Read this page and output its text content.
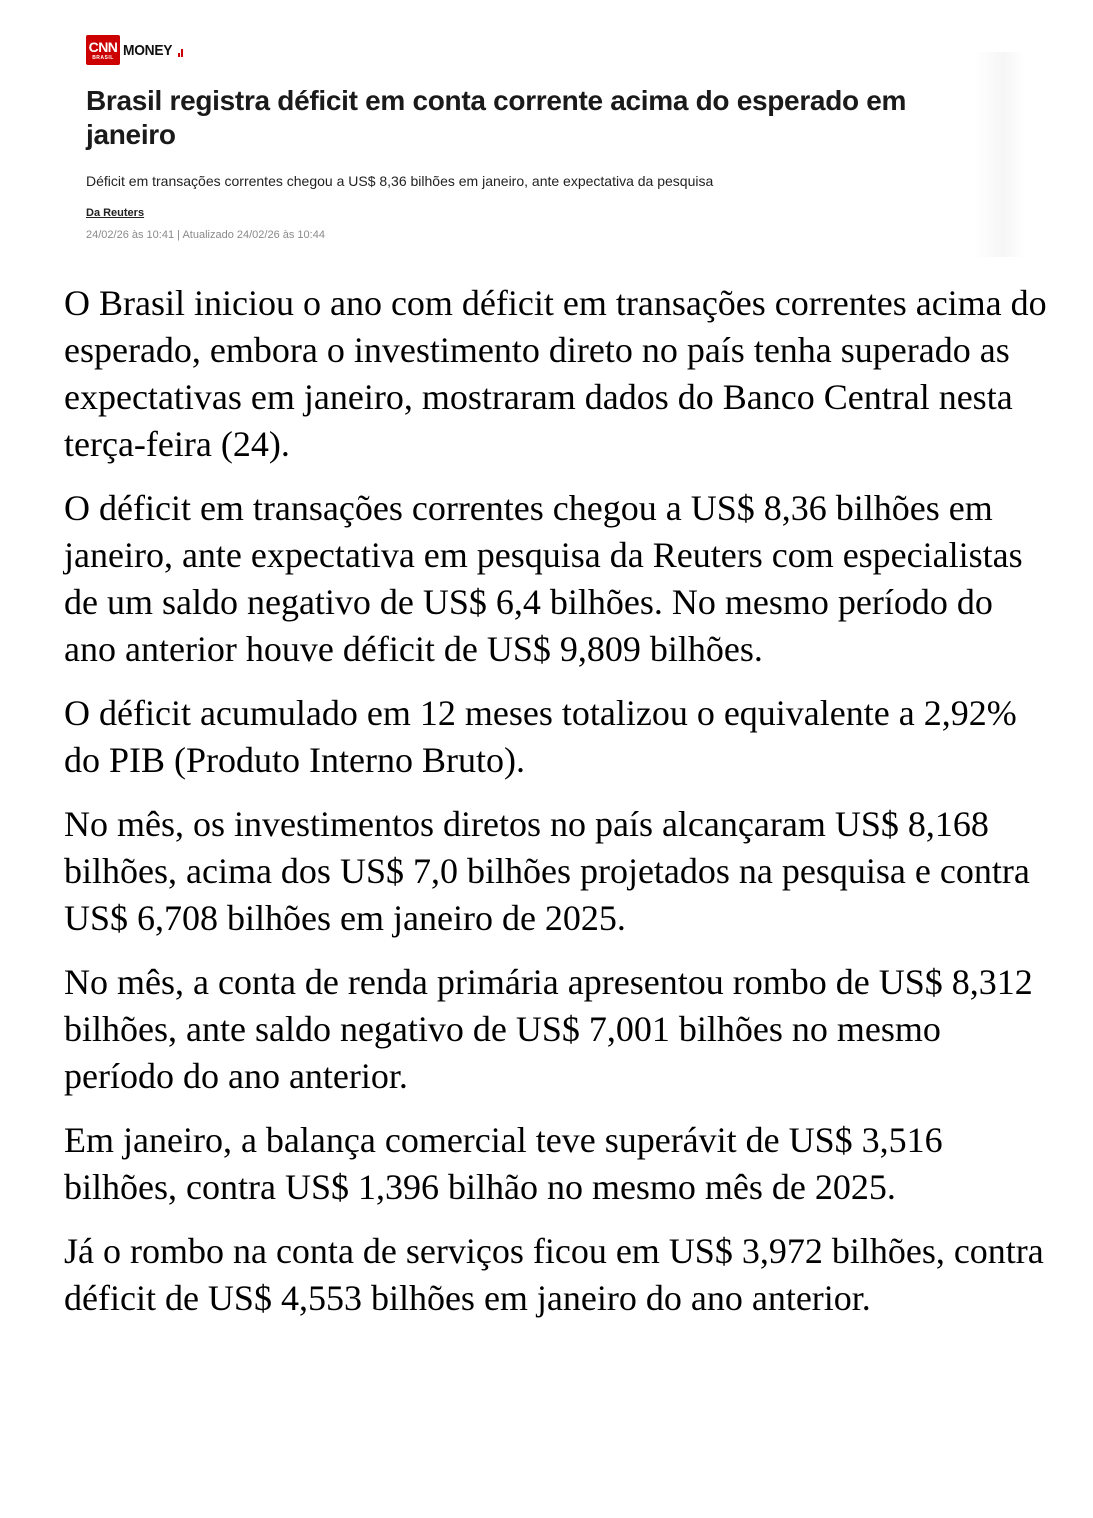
CNN
BRASIL MONEY
Brasil registra déficit em conta corrente acima do esperado em janeiro

Déficit em transações correntes chegou a US$ 8,36 bilhões em janeiro, ante expectativa da pesquisa

Da Reuters
24/02/26 às 10:41 | Atualizado 24/02/26 às 10:44

O Brasil iniciou o ano com déficit em transações correntes acima do esperado, embora o investimento direto no país tenha superado as expectativas em janeiro, mostraram dados do Banco Central nesta terça-feira (24).

O déficit em transações correntes chegou a US$ 8,36 bilhões em janeiro, ante expectativa em pesquisa da Reuters com especialistas de um saldo negativo de US$ 6,4 bilhões. No mesmo período do ano anterior houve déficit de US$ 9,809 bilhões.

O déficit acumulado em 12 meses totalizou o equivalente a 2,92% do PIB (Produto Interno Bruto).

No mês, os investimentos diretos no país alcançaram US$ 8,168 bilhões, acima dos US$ 7,0 bilhões projetados na pesquisa e contra US$ 6,708 bilhões em janeiro de 2025.

No mês, a conta de renda primária apresentou rombo de US$ 8,312 bilhões, ante saldo negativo de US$ 7,001 bilhões no mesmo período do ano anterior.

Em janeiro, a balança comercial teve superávit de US$ 3,516 bilhões, contra US$ 1,396 bilhão no mesmo mês de 2025.

Já o rombo na conta de serviços ficou em US$ 3,972 bilhões, contra déficit de US$ 4,553 bilhões em janeiro do ano anterior.
